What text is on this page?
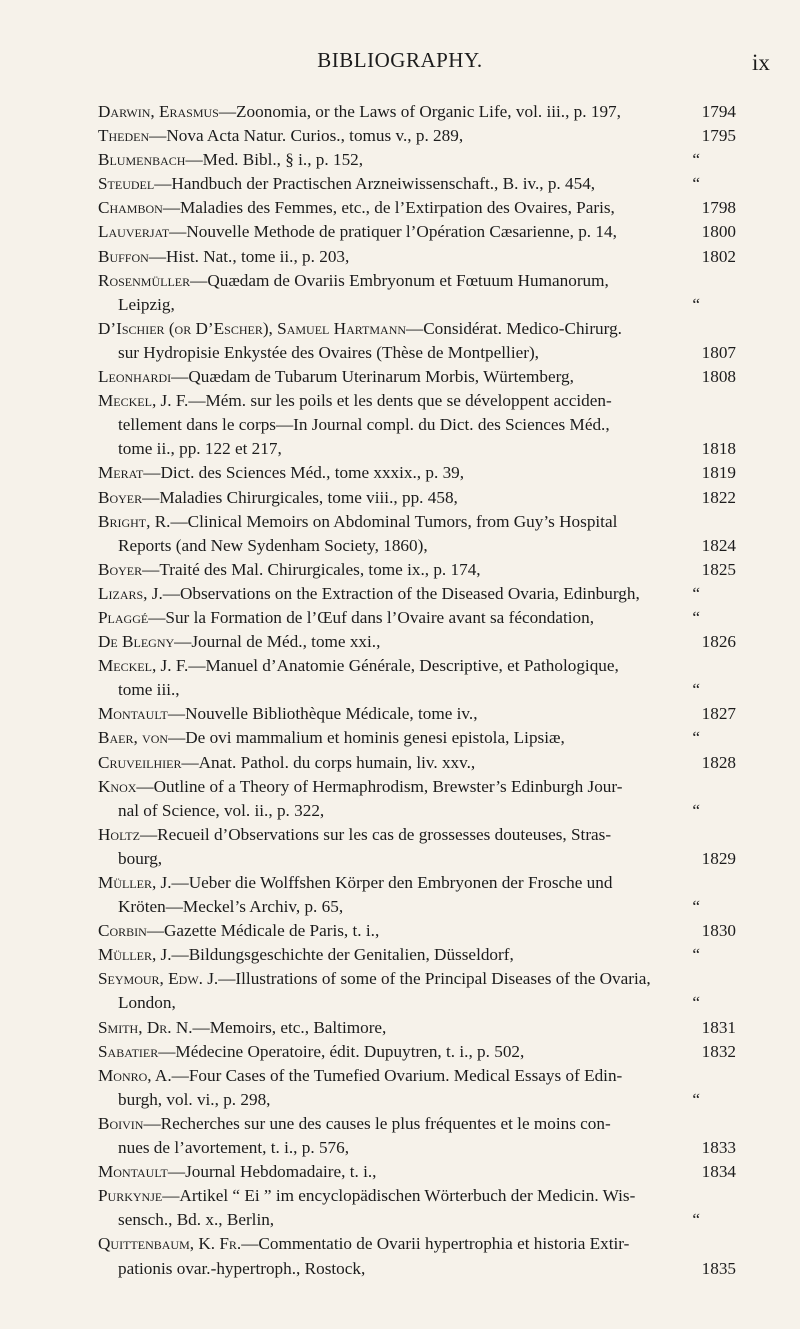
BIBLIOGRAPHY.	ix
Darwin, Erasmus—Zoonomia, or the Laws of Organic Life, vol. iii., p. 197,	1794
Theden—Nova Acta Natur. Curios., tomus v., p. 289,	1795
Blumenbach—Med. Bibl., § i., p. 152,	“
Steudel—Handbuch der Practischen Arzneiwissenschaft., B. iv., p. 454,	“
Chambon—Maladies des Femmes, etc., de l’Extirpation des Ovaires, Paris,	1798
Lauverjat—Nouvelle Methode de pratiquer l’Opération Cæsarienne, p. 14,	1800
Buffon—Hist. Nat., tome ii., p. 203,	1802
Rosenmüller—Quædam de Ovariis Embryonum et Fœtuum Humanorum,
Leipzig,	“
D’Ischier (or D’Escher), Samuel Hartmann—Considérat. Medico-Chirurg.
sur Hydropisie Enkystée des Ovaires (Thèse de Montpellier),	1807
Leonhardi—Quædam de Tubarum Uterinarum Morbis, Würtemberg,	1808
Meckel, J. F.—Mém. sur les poils et les dents que se développent acciden-
tellement dans le corps—In Journal compl. du Dict. des Sciences Méd.,
tome ii., pp. 122 et 217,	1818
Merat—Dict. des Sciences Méd., tome xxxix., p. 39,	1819
Boyer—Maladies Chirurgicales, tome viii., pp. 458,	1822
Bright, R.—Clinical Memoirs on Abdominal Tumors, from Guy’s Hospital
Reports (and New Sydenham Society, 1860),	1824
Boyer—Traité des Mal. Chirurgicales, tome ix., p. 174,	1825
Lizars, J.—Observations on the Extraction of the Diseased Ovaria, Edinburgh,	“
Plaggé—Sur la Formation de l’Œuf dans l’Ovaire avant sa fécondation,	“
De Blegny—Journal de Méd., tome xxi.,	1826
Meckel, J. F.—Manuel d’Anatomie Générale, Descriptive, et Pathologique,
tome iii.,	“
Montault—Nouvelle Bibliothèque Médicale, tome iv.,	1827
Baer, von—De ovi mammalium et hominis genesi epistola, Lipsiæ,	“
Cruveilhier—Anat. Pathol. du corps humain, liv. xxv.,	1828
Knox—Outline of a Theory of Hermaphrodism, Brewster’s Edinburgh Jour-
nal of Science, vol. ii., p. 322,	“
Holtz—Recueil d’Observations sur les cas de grossesses douteuses, Stras-
bourg,	1829
Müller, J.—Ueber die Wolffshen Körper den Embryonen der Frosche und
Kröten—Meckel’s Archiv, p. 65,	“
Corbin—Gazette Médicale de Paris, t. i.,	1830
Müller, J.—Bildungsgeschichte der Genitalien, Düsseldorf,	“
Seymour, Edw. J.—Illustrations of some of the Principal Diseases of the Ovaria,
London,	“
Smith, Dr. N.—Memoirs, etc., Baltimore,	1831
Sabatier—Médecine Operatoire, édit. Dupuytren, t. i., p. 502,	1832
Monro, A.—Four Cases of the Tumefied Ovarium. Medical Essays of Edin-
burgh, vol. vi., p. 298,	“
Boivin—Recherches sur une des causes le plus fréquentes et le moins con-
nues de l’avortement, t. i., p. 576,	1833
Montault—Journal Hebdomadaire, t. i.,	1834
Purkynje—Artikel “ Ei ” im encyclopädischen Wörterbuch der Medicin. Wis-
sensch., Bd. x., Berlin,	“
Quittenbaum, K. Fr.—Commentatio de Ovarii hypertrophia et historia Extir-
pationis ovar.-hypertroph., Rostock,	1835
